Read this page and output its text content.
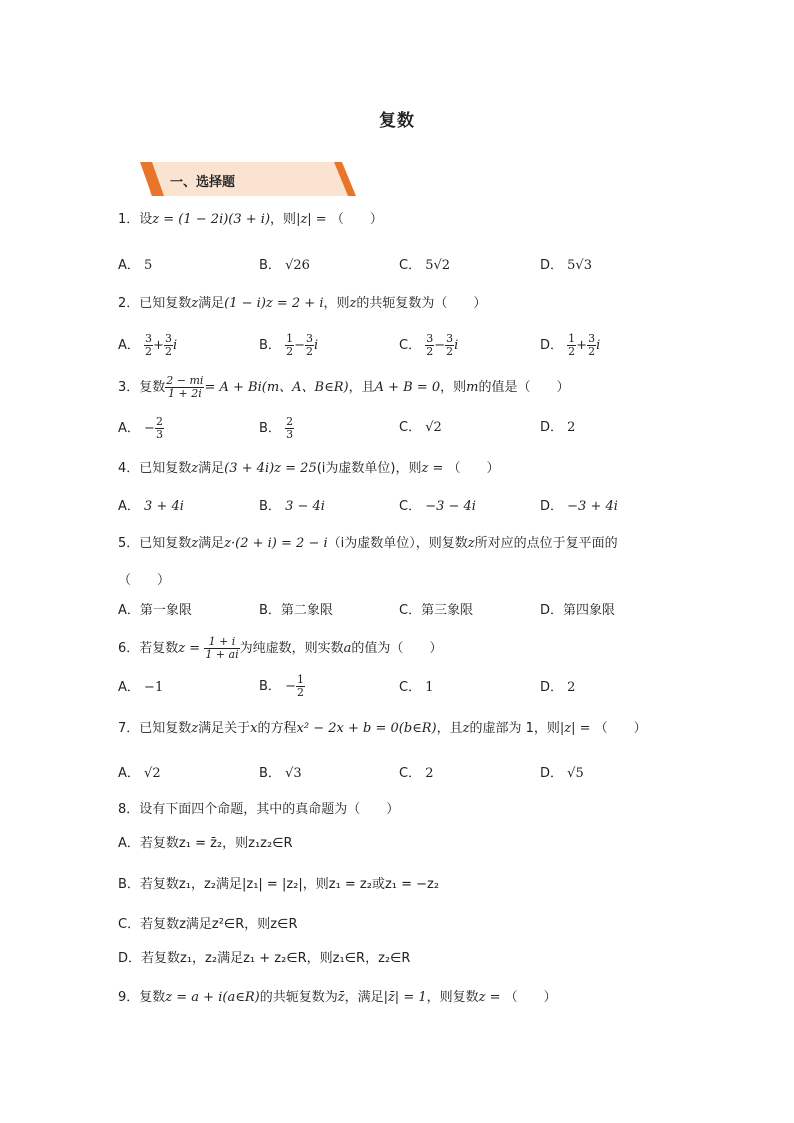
复数
一、选择题
1．设z = (1 − 2i)(3 + i)，则|z| = （　　）
A． 5	B． √26	C． 5√2	D． 5√3
2．已知复数z满足(1 − i)z = 2 + i，则z的共轭复数为（　　）
A． $\frac{3}{2} + \frac{3}{2}$ i	B． $\frac{1}{2} - \frac{3}{2}$ i	C． $\frac{3}{2} - \frac{3}{2}$ i	D． $\frac{1}{2} + \frac{3}{2}$ i
3．复数 $\frac{2 - mi}{1 + 2i} = A + Bi(m$、A、B∈R)，且A + B = 0，则m的值是（　　）
A． − $\frac{2}{3}$	B． $\frac{2}{3}$	C． √2	D． 2
4．已知复数z满足(3 + 4i)z = 25(i为虚数单位)，则z = （　　）
A． 3 + 4i	B． 3 − 4i	C． −3 − 4i	D． −3 + 4i
5．已知复数z满足z·(2 + i) = 2 − i（i为虚数单位），则复数z所对应的点位于复平面的
（　　）
A．第一象限	B．第二象限	C．第三象限	D．第四象限
6．若复数$z = \frac{1 + i}{1 + ai}$ 为纯虚数，则实数a的值为（　　）
A． −1	B． − $\frac{1}{2}$	C． 1	D． 2
7．已知复数z满足关于x的方程x² − 2x + b = 0(b∈R)，且z的虚部为 1，则|z| = （　　）
A． √2	B． √3	C． 2	D． √5
8．设有下面四个命题，其中的真命题为（　　）
A．若复数z₁ = z̄₂，则z₁z₂∈R
B．若复数z₁，z₂满足|z₁| = |z₂|，则z₁ = z₂或z₁ = −z₂
C．若复数z满足z²∈R，则z∈R
D．若复数z₁，z₂满足z₁ + z₂∈R，则z₁∈R，z₂∈R
9．复数z = a + i(a∈R)的共轭复数为z̄，满足|z̄| = 1，则复数z = （　　）
